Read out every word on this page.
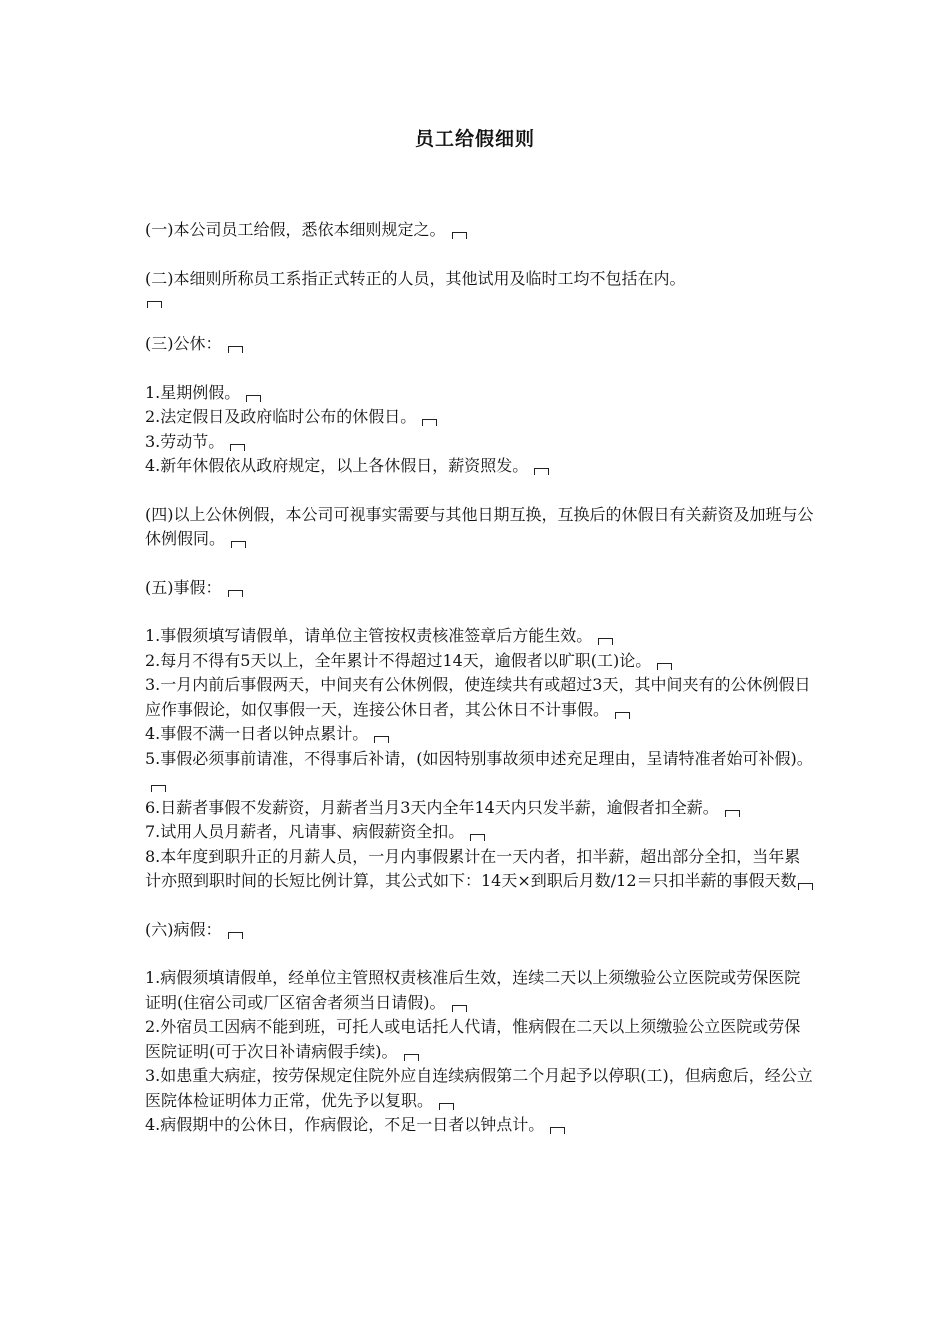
员工给假细则

(一)本公司员工给假，悉依本细则规定之。

(二)本细则所称员工系指正式转正的人员，其他试用及临时工均不包括在内。

(三)公休：

1.星期例假。
2.法定假日及政府临时公布的休假日。
3.劳动节。
4.新年休假依从政府规定，以上各休假日，薪资照发。

(四)以上公休例假，本公司可视事实需要与其他日期互换，互换后的休假日有关薪资及加班与公休例假同。

(五)事假：

1.事假须填写请假单，请单位主管按权责核准签章后方能生效。
2.每月不得有5天以上，全年累计不得超过14天，逾假者以旷职(工)论。
3.一月内前后事假两天，中间夹有公休例假，使连续共有或超过3天，其中间夹有的公休例假日应作事假论，如仅事假一天，连接公休日者，其公休日不计事假。
4.事假不满一日者以钟点累计。
5.事假必须事前请准，不得事后补请，(如因特别事故须申述充足理由，呈请特准者始可补假)。
6.日薪者事假不发薪资，月薪者当月3天内全年14天内只发半薪，逾假者扣全薪。
7.试用人员月薪者，凡请事、病假薪资全扣。
8.本年度到职升正的月薪人员，一月内事假累计在一天内者，扣半薪，超出部分全扣，当年累计亦照到职时间的长短比例计算，其公式如下：14天×到职后月数/12＝只扣半薪的事假天数

(六)病假：

1.病假须填请假单，经单位主管照权责核准后生效，连续二天以上须缴验公立医院或劳保医院证明(住宿公司或厂区宿舍者须当日请假)。
2.外宿员工因病不能到班，可托人或电话托人代请，惟病假在二天以上须缴验公立医院或劳保医院证明(可于次日补请病假手续)。
3.如患重大病症，按劳保规定住院外应自连续病假第二个月起予以停职(工)，但病愈后，经公立医院体检证明体力正常，优先予以复职。
4.病假期中的公休日，作病假论，不足一日者以钟点计。
